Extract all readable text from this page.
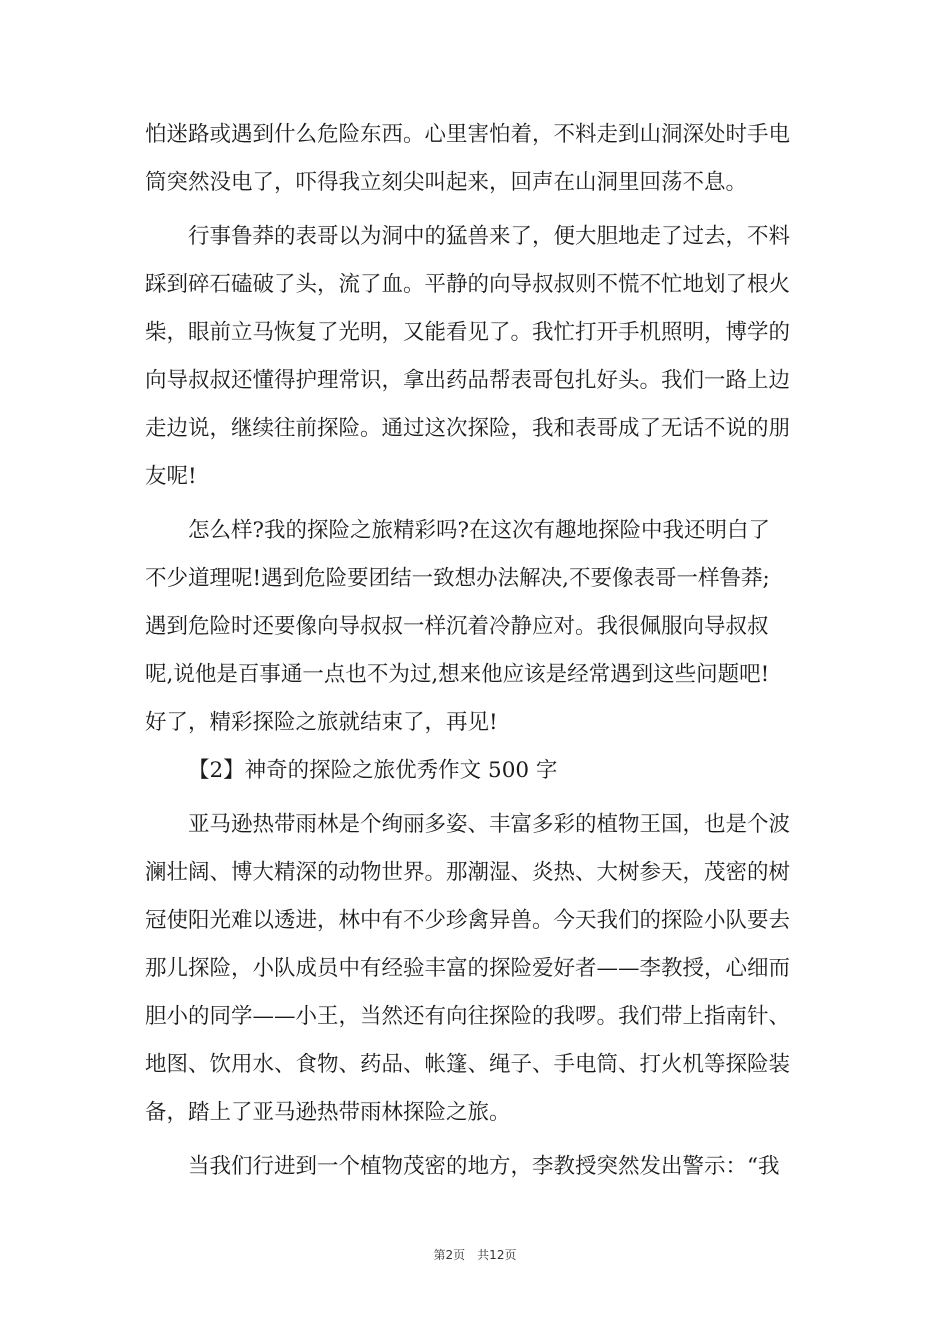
怕迷路或遇到什么危险东西。心里害怕着，不料走到山洞深处时手电
筒突然没电了，吓得我立刻尖叫起来，回声在山洞里回荡不息。
行事鲁莽的表哥以为洞中的猛兽来了，便大胆地走了过去，不料
踩到碎石磕破了头，流了血。平静的向导叔叔则不慌不忙地划了根火
柴，眼前立马恢复了光明，又能看见了。我忙打开手机照明，博学的
向导叔叔还懂得护理常识，拿出药品帮表哥包扎好头。我们一路上边
走边说，继续往前探险。通过这次探险，我和表哥成了无话不说的朋
友呢!
怎么样?我的探险之旅精彩吗?在这次有趣地探险中我还明白了
不少道理呢!遇到危险要团结一致想办法解决,不要像表哥一样鲁莽;
遇到危险时还要像向导叔叔一样沉着冷静应对。我很佩服向导叔叔
呢,说他是百事通一点也不为过,想来他应该是经常遇到这些问题吧!
好了，精彩探险之旅就结束了，再见!
【2】神奇的探险之旅优秀作文 500 字
亚马逊热带雨林是个绚丽多姿、丰富多彩的植物王国，也是个波
澜壮阔、博大精深的动物世界。那潮湿、炎热、大树参天，茂密的树
冠使阳光难以透进，林中有不少珍禽异兽。今天我们的探险小队要去
那儿探险，小队成员中有经验丰富的探险爱好者——李教授，心细而
胆小的同学——小王，当然还有向往探险的我啰。我们带上指南针、
地图、饮用水、食物、药品、帐篷、绳子、手电筒、打火机等探险装
备，踏上了亚马逊热带雨林探险之旅。
当我们行进到一个植物茂密的地方，李教授突然发出警示：“我
第2页　共12页
